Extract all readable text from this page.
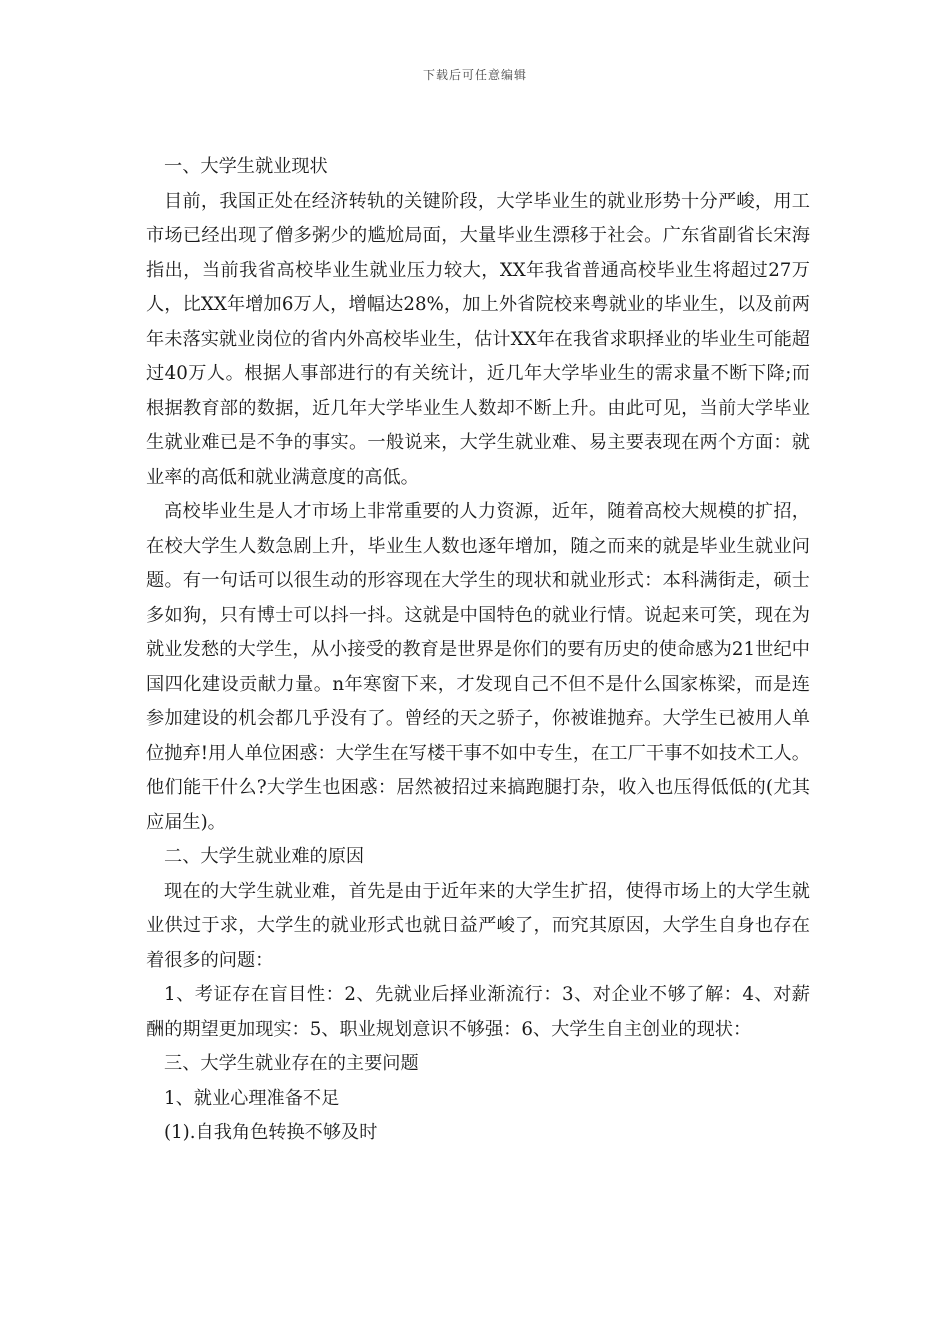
下载后可任意编辑

一、大学生就业现状

目前，我国正处在经济转轨的关键阶段，大学毕业生的就业形势十分严峻，用工市场已经出现了僧多粥少的尴尬局面，大量毕业生漂移于社会。广东省副省长宋海指出，当前我省高校毕业生就业压力较大，XX年我省普通高校毕业生将超过27万人，比XX年增加6万人，增幅达28%，加上外省院校来粤就业的毕业生，以及前两年未落实就业岗位的省内外高校毕业生，估计XX年在我省求职择业的毕业生可能超过40万人。根据人事部进行的有关统计，近几年大学毕业生的需求量不断下降;而根据教育部的数据，近几年大学毕业生人数却不断上升。由此可见，当前大学毕业生就业难已是不争的事实。一般说来，大学生就业难、易主要表现在两个方面：就业率的高低和就业满意度的高低。

高校毕业生是人才市场上非常重要的人力资源，近年，随着高校大规模的扩招，在校大学生人数急剧上升，毕业生人数也逐年增加，随之而来的就是毕业生就业问题。有一句话可以很生动的形容现在大学生的现状和就业形式：本科满街走，硕士多如狗，只有博士可以抖一抖。这就是中国特色的就业行情。说起来可笑，现在为就业发愁的大学生，从小接受的教育是世界是你们的要有历史的使命感为21世纪中国四化建设贡献力量。n年寒窗下来，才发现自己不但不是什么国家栋梁，而是连参加建设的机会都几乎没有了。曾经的天之骄子，你被谁抛弃。大学生已被用人单位抛弃!用人单位困惑：大学生在写楼干事不如中专生，在工厂干事不如技术工人。他们能干什么?大学生也困惑：居然被招过来搞跑腿打杂，收入也压得低低的(尤其应届生)。

二、大学生就业难的原因

现在的大学生就业难，首先是由于近年来的大学生扩招，使得市场上的大学生就业供过于求，大学生的就业形式也就日益严峻了，而究其原因，大学生自身也存在着很多的问题：

1、考证存在盲目性：2、先就业后择业渐流行：3、对企业不够了解：4、对薪酬的期望更加现实：5、职业规划意识不够强：6、大学生自主创业的现状：

三、大学生就业存在的主要问题

1、就业心理准备不足

(1).自我角色转换不够及时
